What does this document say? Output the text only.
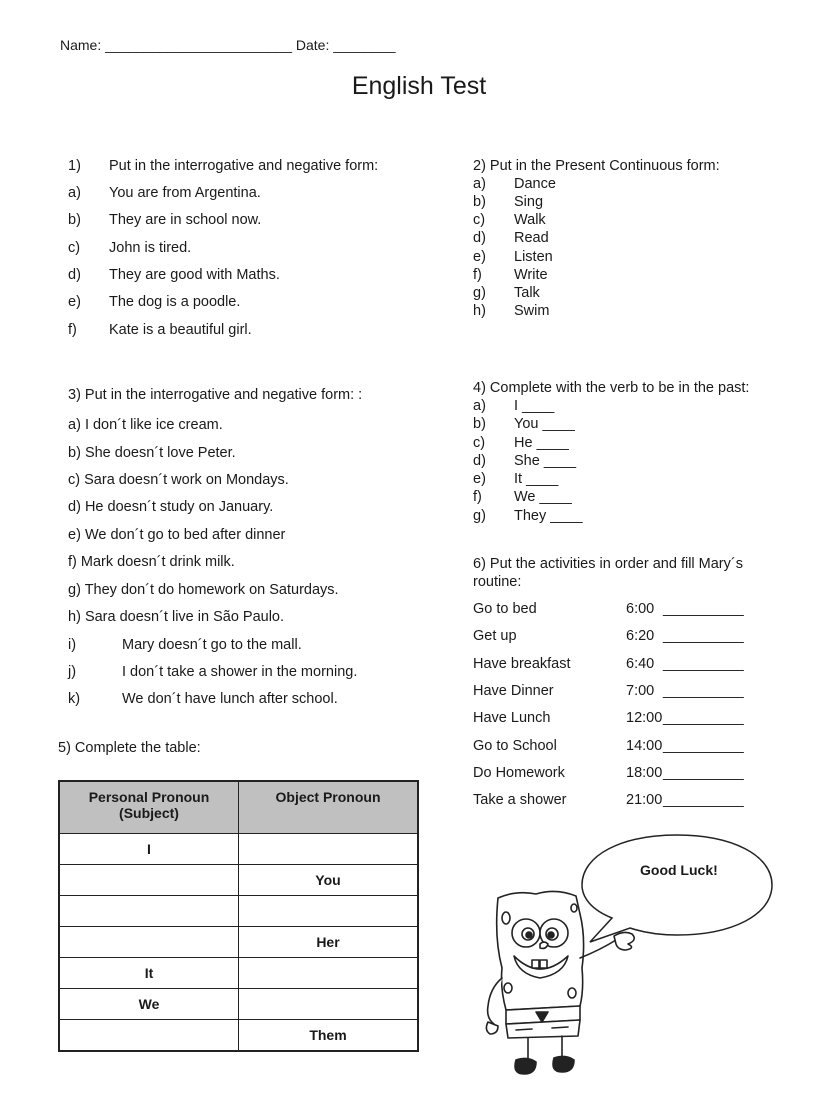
Name: ________________________ Date: ________
English Test
1) Put in the interrogative and negative form:
a) You are from Argentina.
b) They are in school now.
c) John is tired.
d) They are good with Maths.
e) The dog is a poodle.
f) Kate is a beautiful girl.
2) Put in the Present Continuous form:
a) Dance
b) Sing
c) Walk
d) Read
e) Listen
f) Write
g) Talk
h) Swim
3) Put in the interrogative and negative form: :
a) I don´t like ice cream.
b) She doesn´t love Peter.
c) Sara doesn´t work on Mondays.
d) He doesn´t study on January.
e) We don´t go to bed after dinner
f) Mark doesn´t drink milk.
g) They don´t do homework on Saturdays.
h) Sara doesn´t live in São Paulo.
i)	Mary doesn´t go to the mall.
j)	I don´t take a shower in the morning.
k)	We don´t have lunch after school.
4) Complete with the verb to be in the past:
a) I ____
b) You ____
c) He ____
d) She ____
e) It ____
f) We ____
g) They ____
5) Complete the table:
Personal Pronoun (Subject)	Object Pronoun
I	
	You

	Her
It	
We	
	Them
6) Put the activities in order and fill Mary´s
routine:
Go to bed	6:00 __________
Get up	6:20 __________
Have breakfast	6:40 __________
Have Dinner	7:00 __________
Have Lunch	12:00 __________
Go to School	14:00 __________
Do Homework	18:00 __________
Take a shower	21:00 __________
Good Luck!
